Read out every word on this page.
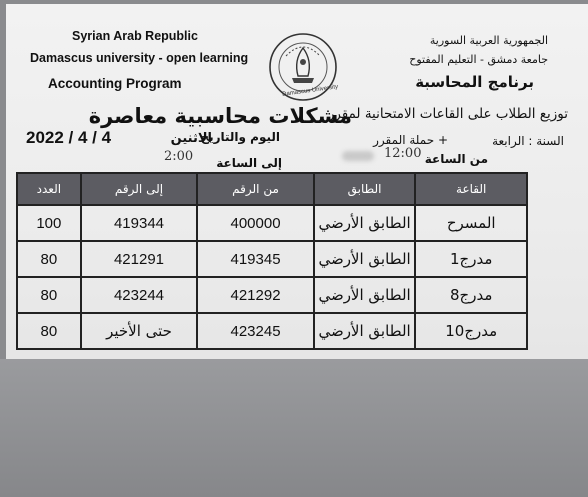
Syrian Arab Republic
Damascus university - open learning
Accounting Program	Damascus University
الجمهورية العربية السورية
جامعة دمشق - التعليم المفتوح
برنامج المحاسبة
مشكلات محاسبية معاصرة
توزيع الطلاب على القاعات الامتحانية لمقرر
2022 / 4 / 4	الاثنين
اليوم والتاريخ	+ حملة المقرر	السنة : الرابعة
2:00	12:00 من الساعة
إلى الساعة
العدد	إلى الرقم	من الرقم	الطابق	القاعة
100	419344	400000	الطابق الأرضي	المسرح
80	421291	419345	الطابق الأرضي	مدرج1
80	423244	421292	الطابق الأرضي	مدرج8
80	حتى الأخير	423245	الطابق الأرضي	مدرج10
